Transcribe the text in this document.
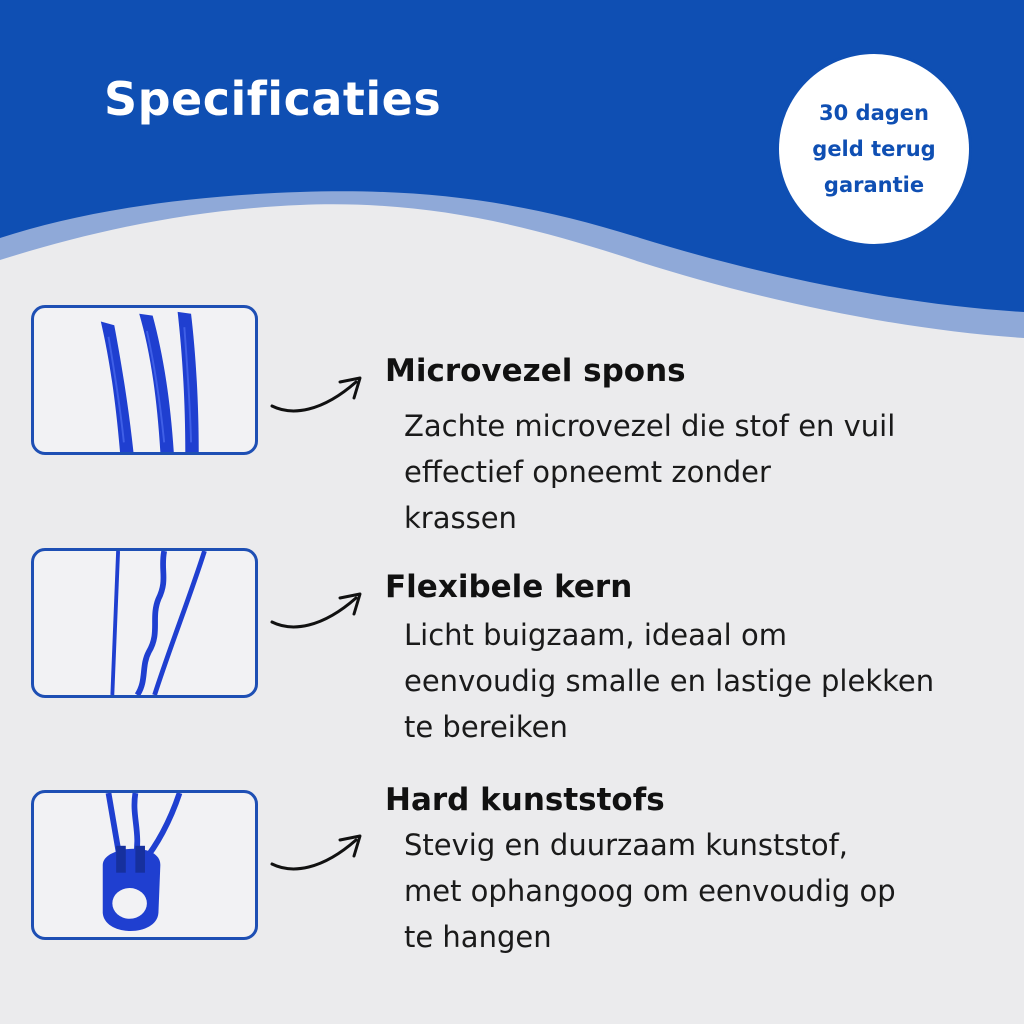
Specificaties	30 dagen
geld terug
garantie
Microvezel spons

Zachte microvezel die stof en vuil
effectief opneemt zonder
krassen

Flexibele kern

Licht buigzaam, ideaal om
eenvoudig smalle en lastige plekken
te bereiken

Hard kunststofs

Stevig en duurzaam kunststof,
met ophangoog om eenvoudig op
te hangen
